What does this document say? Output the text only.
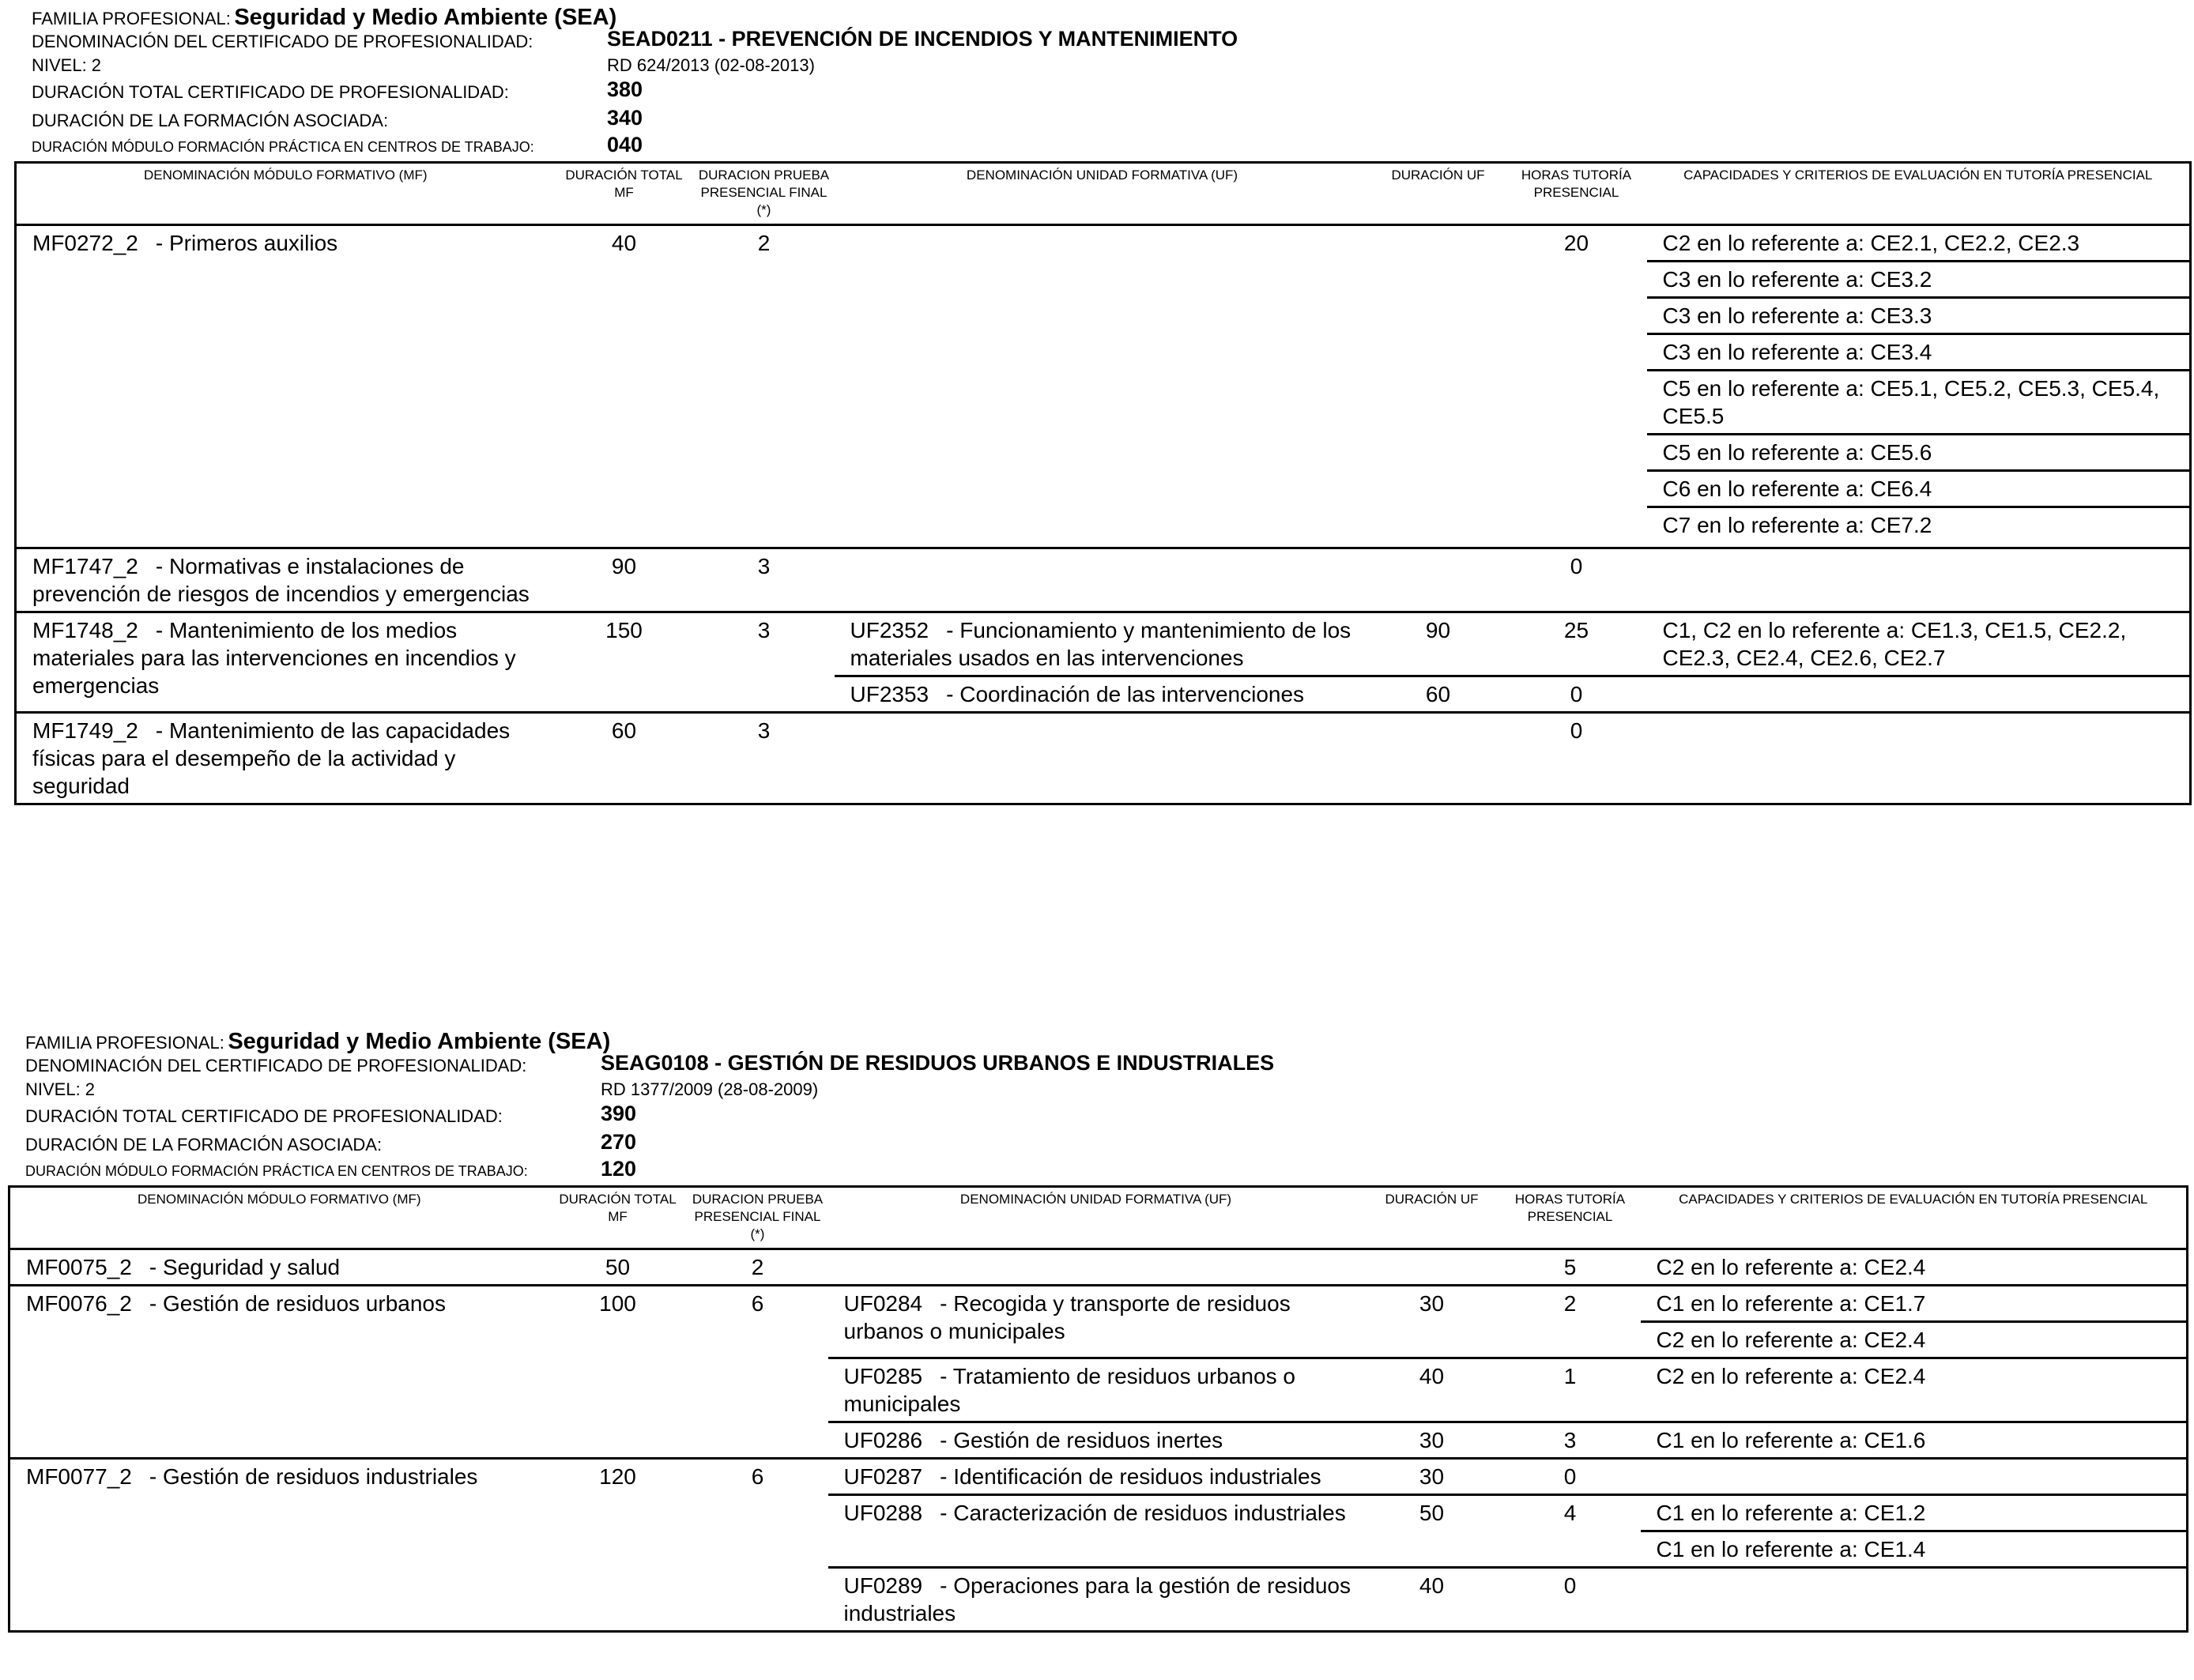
FAMILIA PROFESIONAL: Seguridad y Medio Ambiente (SEA)
DENOMINACIÓN DEL CERTIFICADO DE PROFESIONALIDAD:	SEAD0211 - PREVENCIÓN DE INCENDIOS Y MANTENIMIENTO
NIVEL: 2	RD 624/2013 (02-08-2013)
DURACIÓN TOTAL CERTIFICADO DE PROFESIONALIDAD:	380
DURACIÓN DE LA FORMACIÓN ASOCIADA:	340
DURACIÓN MÓDULO FORMACIÓN PRÁCTICA EN CENTROS DE TRABAJO:	040
DENOMINACIÓN MÓDULO FORMATIVO (MF)	DURACIÓN TOTAL MF	DURACION PRUEBA PRESENCIAL FINAL (*)	DENOMINACIÓN UNIDAD FORMATIVA (UF)	DURACIÓN UF	HORAS TUTORÍA PRESENCIAL	CAPACIDADES Y CRITERIOS DE EVALUACIÓN EN TUTORÍA PRESENCIAL
MF0272_2 - Primeros auxilios	40	2			20	C2 en lo referente a: CE2.1, CE2.2, CE2.3
						C3 en lo referente a: CE3.2
						C3 en lo referente a: CE3.3
						C3 en lo referente a: CE3.4
						C5 en lo referente a: CE5.1, CE5.2, CE5.3, CE5.4, CE5.5
						C5 en lo referente a: CE5.6
						C6 en lo referente a: CE6.4
						C7 en lo referente a: CE7.2
MF1747_2 - Normativas e instalaciones de prevención de riesgos de incendios y emergencias	90	3			0	
MF1748_2 - Mantenimiento de los medios materiales para las intervenciones en incendios y emergencias	150	3	UF2352 - Funcionamiento y mantenimiento de los materiales usados en las intervenciones	90	25	C1, C2 en lo referente a: CE1.3, CE1.5, CE2.2, CE2.3, CE2.4, CE2.6, CE2.7
			UF2353 - Coordinación de las intervenciones	60	0	
MF1749_2 - Mantenimiento de las capacidades físicas para el desempeño de la actividad y seguridad	60	3			0	
FAMILIA PROFESIONAL: Seguridad y Medio Ambiente (SEA)
DENOMINACIÓN DEL CERTIFICADO DE PROFESIONALIDAD:	SEAG0108 - GESTIÓN DE RESIDUOS URBANOS E INDUSTRIALES
NIVEL: 2	RD 1377/2009 (28-08-2009)
DURACIÓN TOTAL CERTIFICADO DE PROFESIONALIDAD:	390
DURACIÓN DE LA FORMACIÓN ASOCIADA:	270
DURACIÓN MÓDULO FORMACIÓN PRÁCTICA EN CENTROS DE TRABAJO:	120
DENOMINACIÓN MÓDULO FORMATIVO (MF)	DURACIÓN TOTAL MF	DURACION PRUEBA PRESENCIAL FINAL (*)	DENOMINACIÓN UNIDAD FORMATIVA (UF)	DURACIÓN UF	HORAS TUTORÍA PRESENCIAL	CAPACIDADES Y CRITERIOS DE EVALUACIÓN EN TUTORÍA PRESENCIAL
MF0075_2 - Seguridad y salud	50	2			5	C2 en lo referente a: CE2.4
MF0076_2 - Gestión de residuos urbanos	100	6	UF0284 - Recogida y transporte de residuos urbanos o municipales	30	2	C1 en lo referente a: CE1.7
						C2 en lo referente a: CE2.4
			UF0285 - Tratamiento de residuos urbanos o municipales	40	1	C2 en lo referente a: CE2.4
			UF0286 - Gestión de residuos inertes	30	3	C1 en lo referente a: CE1.6
MF0077_2 - Gestión de residuos industriales	120	6	UF0287 - Identificación de residuos industriales	30	0	
			UF0288 - Caracterización de residuos industriales	50	4	C1 en lo referente a: CE1.2
						C1 en lo referente a: CE1.4
			UF0289 - Operaciones para la gestión de residuos industriales	40	0	
